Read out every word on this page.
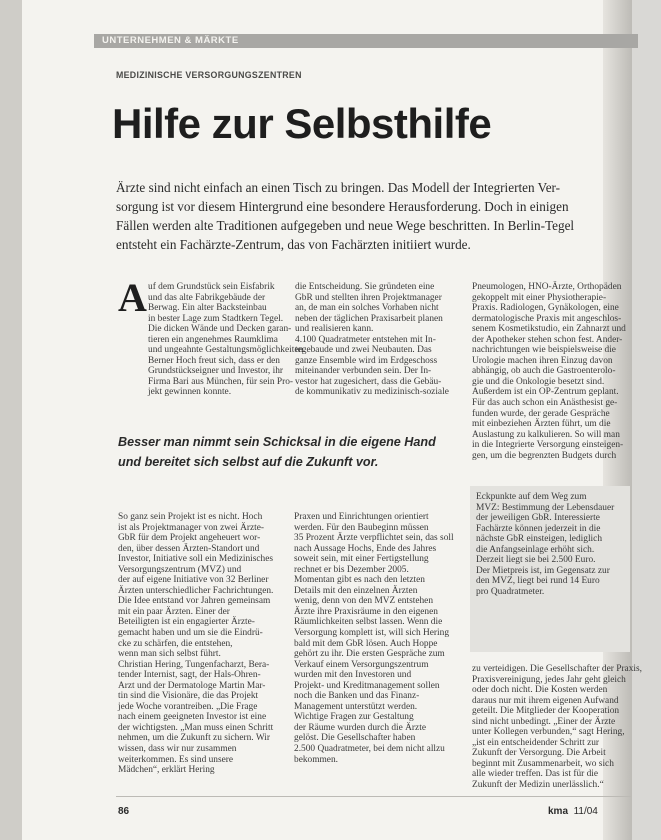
UNTERNEHMEN & MÄRKTE
MEDIZINISCHE VERSORGUNGSZENTREN
Hilfe zur Selbsthilfe

Ärzte sind nicht einfach an einen Tisch zu bringen. Das Modell der Integrierten Ver-
sorgung ist vor diesem Hintergrund eine besondere Herausforderung. Doch in einigen
Fällen werden alte Traditionen aufgegeben und neue Wege beschritten. In Berlin-Tegel
entsteht ein Fachärzte-Zentrum, das von Fachärzten initiiert wurde.

A uf dem Grundstück sein Eisfabrik
und das alte Fabrikgebäude der
Berwag. Ein alter Backsteinbau
in bester Lage zum Stadtkern Tegel.
Die dicken Wände und Decken garan-
tieren ein angenehmes Raumklima
und ungeahnte Gestaltungsmöglichkeiten.
Berner Hoch freut sich, dass er den
Grundstückseigner und Investor, ihr
Firma Bari aus München, für sein Pro-
jekt gewinnen konnte.
die Entscheidung. Sie gründeten eine
GbR und stellten ihren Projektmanager
an, de man ein solches Vorhaben nicht
neben der täglichen Praxisarbeit planen
und realisieren kann.
4.100 Quadratmeter entstehen mit In-
tegebaude und zwei Neubauten. Das
ganze Ensemble wird im Erdgeschoss
miteinander verbunden sein. Der In-
vestor hat zugesichert, dass die Gebäu-
de kommunikativ zu medizinisch-soziale
Pneumologen, HNO-Ärzte, Orthopäden
gekoppelt mit einer Physiotherapie-
Praxis. Radiologen, Gynäkologen, eine
dermatologische Praxis mit angeschlos-
senem Kosmetikstudio, ein Zahnarzt und
der Apotheker stehen schon fest. Ander-
nachrichtungen wie beispielsweise die
Urologie machen ihren Einzug davon
abhängig, ob auch die Gastroenterolo-
gie und die Onkologie besetzt sind.
Außerdem ist ein OP-Zentrum geplant.
Für das auch schon ein Anästhesist ge-
funden wurde, der gerade Gespräche
mit einbeziehen Ärzten führt, um die
Auslastung zu kalkulieren. So will man
in die Integrierte Versorgung einsteigen-
gen, um die begrenzten Budgets durch

Besser man nimmt sein Schicksal in die eigene Hand
und bereitet sich selbst auf die Zukunft vor.

So ganz sein Projekt ist es nicht. Hoch
ist als Projektmanager von zwei Ärzte-
GbR für dem Projekt angeheuert wor-
den, über dessen Ärzten-Standort und
Investor, Initiative soll ein Medizinisches
Versorgungszentrum (MVZ) und
der auf eigene Initiative von 32 Berliner
Ärzten unterschiedlicher Fachrichtungen.
Die Idee entstand vor Jahren gemeinsam
mit ein paar Ärzten. Einer der
Beteiligten ist ein engagierter Ärzte-
gemacht haben und um sie die Eindrü-
cke zu schärfen, die entstehen,
wenn man sich selbst führt.
Christian Hering, Tungenfacharzt, Bera-
tender Internist, sagt, der Hals-Ohren-
Arzt und der Dermatologe Martin Mar-
tin sind die Visionäre, die das Projekt
jede Woche vorantreiben. „Die Frage
nach einem geeigneten Investor ist eine
der wichtigsten. „Man muss einen Schritt
nehmen, um die Zukunft zu sichern. Wir
wissen, dass wir nur zusammen
weiterkommen. Es sind unsere
Mädchen“, erklärt Hering
Praxen und Einrichtungen orientiert
werden. Für den Baubeginn müssen
35 Prozent Ärzte verpflichtet sein, das soll
nach Aussage Hochs, Ende des Jahres
soweit sein, mit einer Fertigstellung
rechnet er bis Dezember 2005.
Momentan gibt es nach den letzten
Details mit den einzelnen Ärzten
wenig, denn von den MVZ entstehen
Ärzte ihre Praxisräume in den eigenen
Räumlichkeiten selbst lassen. Wenn die
Versorgung komplett ist, will sich Hering
bald mit dem GbR lösen. Auch Hoppe
gehört zu ihr. Die ersten Gespräche zum
Verkauf einem Versorgungszentrum
wurden mit den Investoren und
Projekt- und Kreditmanagement sollen
noch die Banken und das Finanz-
Management unterstützt werden.
Wichtige Fragen zur Gestaltung
der Räume wurden durch die Ärzte
gelöst. Die Gesellschafter haben
2.500 Quadratmeter, bei dem nicht allzu
bekommen.
Eckpunkte auf dem Weg zum
MVZ: Bestimmung der Lebensdauer
der jeweiligen GbR. Interessierte
Fachärzte können jederzeit in die
nächste GbR einsteigen, lediglich
die Anfangseinlage erhöht sich.
Derzeit liegt sie bei 2.500 Euro.
Der Mietpreis ist, im Gegensatz zur
den MVZ, liegt bei rund 14 Euro
pro Quadratmeter.
zu verteidigen. Die Gesellschafter der Praxis,
Praxisvereinigung, jedes Jahr geht gleich
oder doch nicht. Die Kosten werden
daraus nur mit ihrem eigenen Aufwand
geteilt. Die Mitglieder der Kooperation
sind nicht unbedingt. „Einer der Ärzte
unter Kollegen verbunden,“ sagt Hering,
„ist ein entscheidender Schritt zur
Zukunft der Versorgung. Die Arbeit
beginnt mit Zusammenarbeit, wo sich
alle wieder treffen. Das ist für die
Zukunft der Medizin unerlässlich.“
86	kma 11/04
